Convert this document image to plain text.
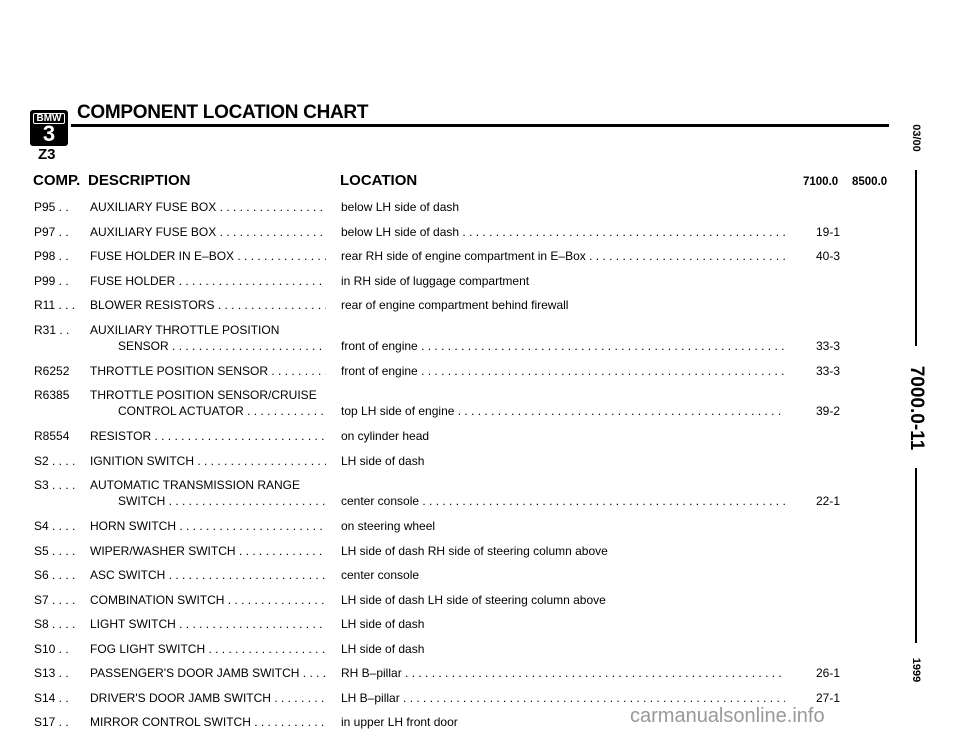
BMW
3
Z3
COMPONENT LOCATION CHART
COMP. DESCRIPTION	LOCATION	7100.0 8500.0
03/00
7000.0-11
1999
P95 . .	AUXILIARY FUSE BOX . . .	below LH side of dash
P97 . .	AUXILIARY FUSE BOX . . .	below LH side of dash . . .	19-1
P98 . .	FUSE HOLDER IN E–BOX . . .	rear RH side of engine compartment in E–Box . . .	40-3
P99 . .	FUSE HOLDER . . .	in RH side of luggage compartment
R11 . . .	BLOWER RESISTORS . . .	rear of engine compartment behind firewall
R31 . .	AUXILIARY THROTTLE POSITION
SENSOR . . .	front of engine . . .	33-3
R6252	THROTTLE POSITION SENSOR . . .	front of engine . . .	33-3
R6385	THROTTLE POSITION SENSOR/CRUISE
CONTROL ACTUATOR . . .	top LH side of engine . . .	39-2
R8554	RESISTOR . . .	on cylinder head
S2 . . . .	IGNITION SWITCH . . .	LH side of dash
S3 . . . .	AUTOMATIC TRANSMISSION RANGE
SWITCH . . .	center console . . .	22-1
S4 . . . .	HORN SWITCH . . .	on steering wheel
S5 . . . .	WIPER/WASHER SWITCH . . .	LH side of dash RH side of steering column above
S6 . . . .	ASC SWITCH . . .	center console
S7 . . . .	COMBINATION SWITCH . . .	LH side of dash LH side of steering column above
S8 . . . .	LIGHT SWITCH . . .	LH side of dash
S10 . .	FOG LIGHT SWITCH . . .	LH side of dash
S13 . .	PASSENGER'S DOOR JAMB SWITCH . . .	RH B–pillar . . .	26-1
S14 . .	DRIVER'S DOOR JAMB SWITCH . . .	LH B–pillar . . .	27-1
S17 . .	MIRROR CONTROL SWITCH . . .	in upper LH front door	carmanualsonline.info
